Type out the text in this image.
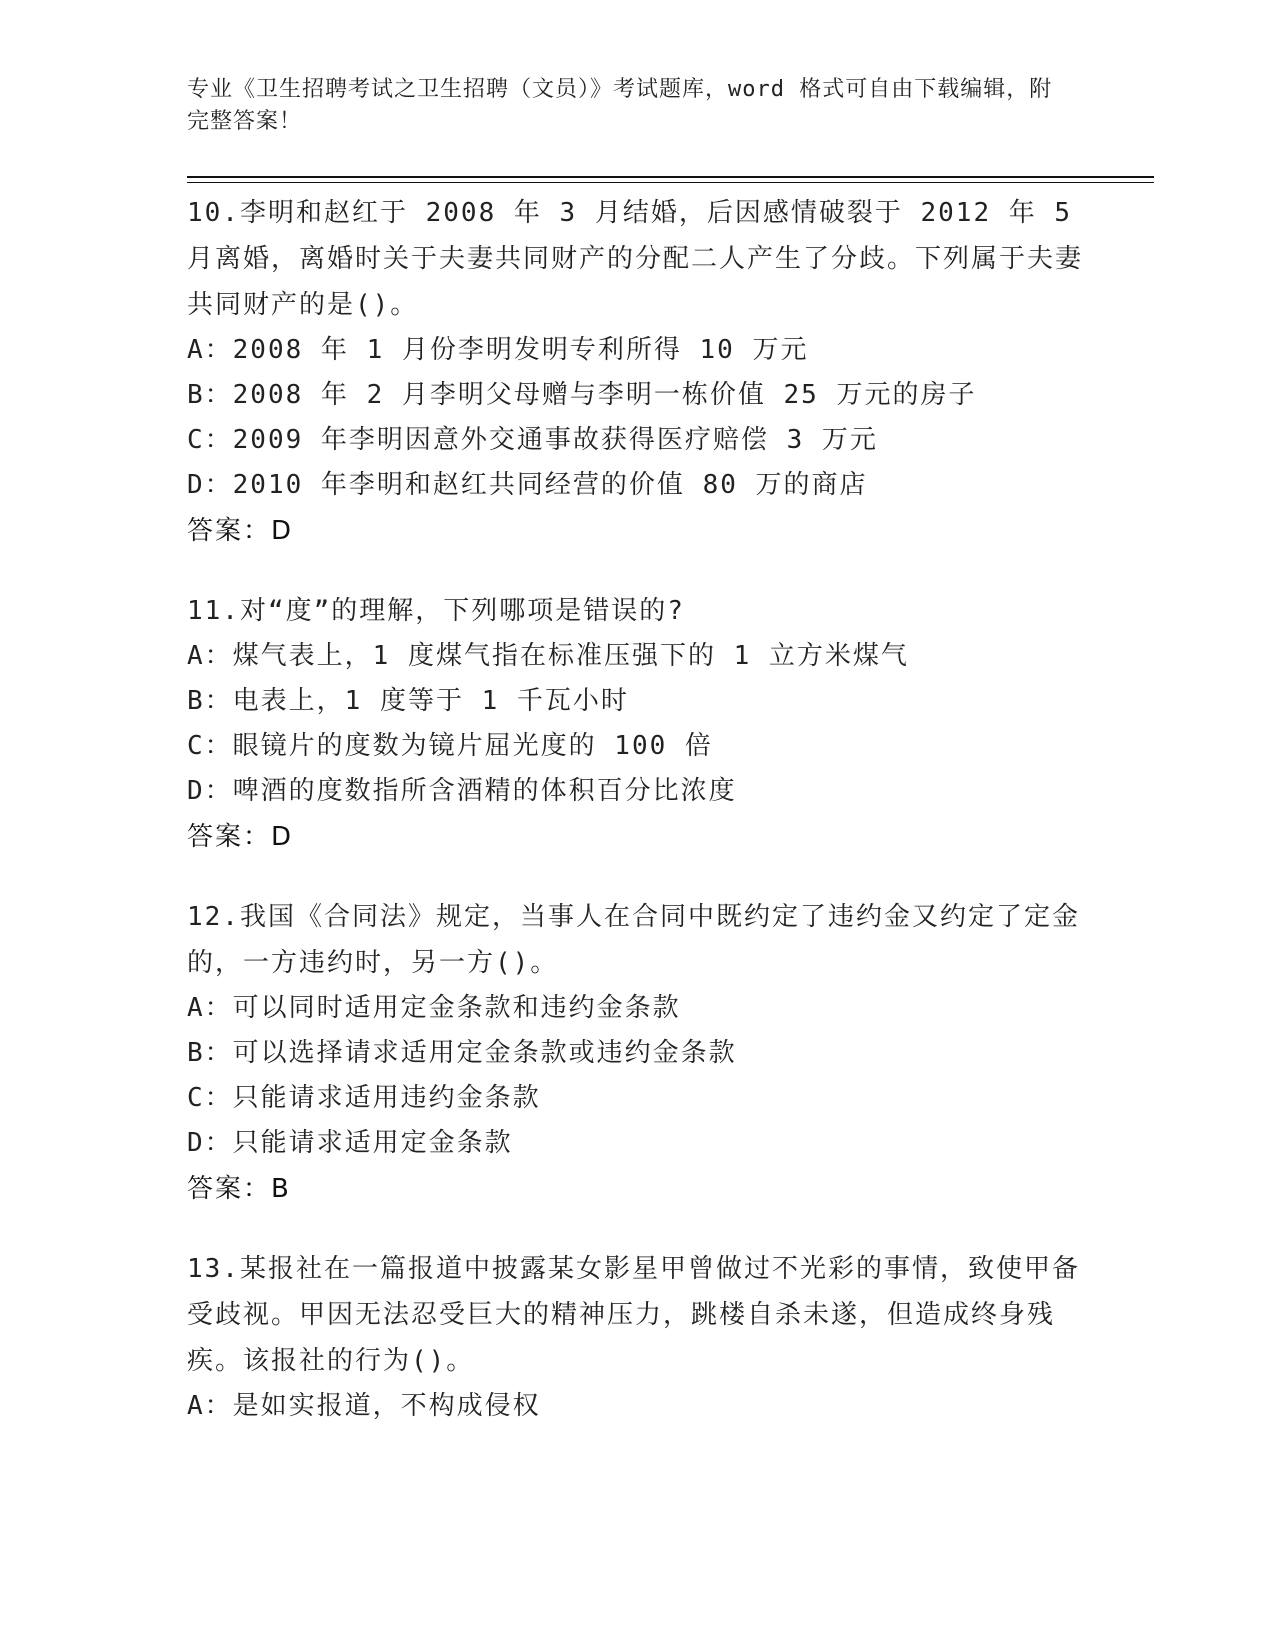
专业《卫生招聘考试之卫生招聘（文员）》考试题库，word 格式可自由下载编辑，附完整答案！

10.李明和赵红于 2008 年 3 月结婚，后因感情破裂于 2012 年 5 月离婚，离婚时关于夫妻共同财产的分配二人产生了分歧。下列属于夫妻共同财产的是()。

A：2008 年 1 月份李明发明专利所得 10 万元

B：2008 年 2 月李明父母赠与李明一栋价值 25 万元的房子

C：2009 年李明因意外交通事故获得医疗赔偿 3 万元

D：2010 年李明和赵红共同经营的价值 80 万的商店

答案：D

11.对“度”的理解，下列哪项是错误的?

A：煤气表上，1 度煤气指在标准压强下的 1 立方米煤气

B：电表上，1 度等于 1 千瓦小时

C：眼镜片的度数为镜片屈光度的 100 倍

D：啤酒的度数指所含酒精的体积百分比浓度

答案：D

12.我国《合同法》规定，当事人在合同中既约定了违约金又约定了定金的，一方违约时，另一方()。

A：可以同时适用定金条款和违约金条款

B：可以选择请求适用定金条款或违约金条款

C：只能请求适用违约金条款

D：只能请求适用定金条款

答案：B

13.某报社在一篇报道中披露某女影星甲曾做过不光彩的事情，致使甲备受歧视。甲因无法忍受巨大的精神压力，跳楼自杀未遂，但造成终身残疾。该报社的行为()。

A：是如实报道，不构成侵权
